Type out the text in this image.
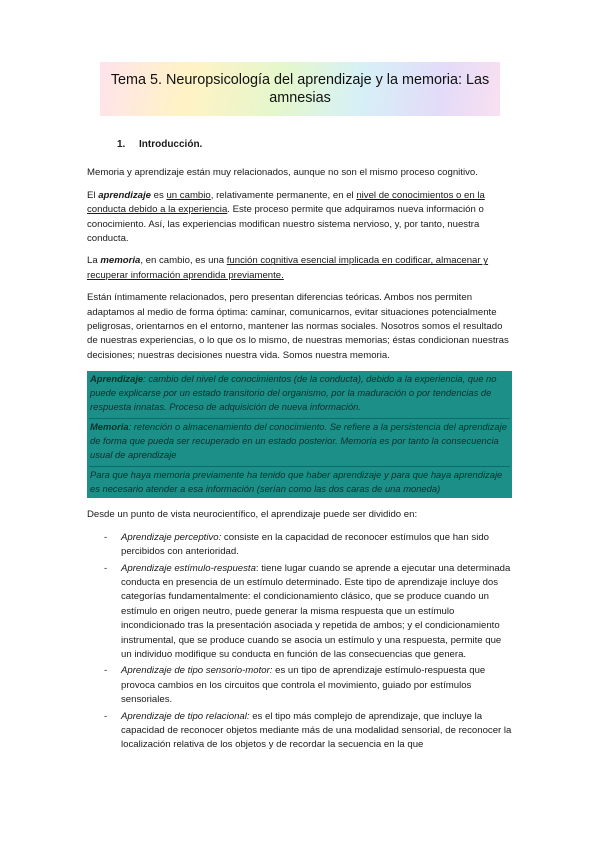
Tema 5. Neuropsicología del aprendizaje y la memoria: Las amnesias
1. Introducción.

Memoria y aprendizaje están muy relacionados, aunque no son el mismo proceso cognitivo.

El aprendizaje es un cambio, relativamente permanente, en el nivel de conocimientos o en la conducta debido a la experiencia. Este proceso permite que adquiramos nueva información o conocimiento. Así, las experiencias modifican nuestro sistema nervioso, y, por tanto, nuestra conducta.

La memoria, en cambio, es una función cognitiva esencial implicada en codificar, almacenar y recuperar información aprendida previamente.

Están íntimamente relacionados, pero presentan diferencias teóricas. Ambos nos permiten adaptamos al medio de forma óptima: caminar, comunicarnos, evitar situaciones potencialmente peligrosas, orientarnos en el entorno, mantener las normas sociales. Nosotros somos el resultado de nuestras experiencias, o lo que os lo mismo, de nuestras memorias; éstas condicionan nuestras decisiones; nuestras decisiones nuestra vida. Somos nuestra memoria.

Aprendizaje: cambio del nivel de conocimientos (de la conducta), debido a la experiencia, que no puede explicarse por un estado transitorio del organismo, por la maduración o por tendencias de respuesta innatas. Proceso de adquisición de nueva información.
Memoria: retención o almacenamiento del conocimiento. Se refiere a la persistencia del aprendizaje de forma que pueda ser recuperado en un estado posterior. Memoria es por tanto la consecuencia usual de aprendizaje
Para que haya memoria previamente ha tenido que haber aprendizaje y para que haya aprendizaje es necesario atender a esa información (serían como las dos caras de una moneda)

Desde un punto de vista neurocientífico, el aprendizaje puede ser dividido en:

- Aprendizaje perceptivo: consiste en la capacidad de reconocer estímulos que han sido percibidos con anterioridad.
- Aprendizaje estímulo-respuesta: tiene lugar cuando se aprende a ejecutar una determinada conducta en presencia de un estímulo determinado. Este tipo de aprendizaje incluye dos categorías fundamentalmente: el condicionamiento clásico, que se produce cuando un estímulo en origen neutro, puede generar la misma respuesta que un estímulo incondicionado tras la presentación asociada y repetida de ambos; y el condicionamiento instrumental, que se produce cuando se asocia un estímulo y una respuesta, permite que un individuo modifique su conducta en función de las consecuencias que genera.
- Aprendizaje de tipo sensorio-motor: es un tipo de aprendizaje estímulo-respuesta que provoca cambios en los circuitos que controla el movimiento, guiado por estímulos sensoriales.
- Aprendizaje de tipo relacional: es el tipo más complejo de aprendizaje, que incluye la capacidad de reconocer objetos mediante más de una modalidad sensorial, de reconocer la localización relativa de los objetos y de recordar la secuencia en la que
